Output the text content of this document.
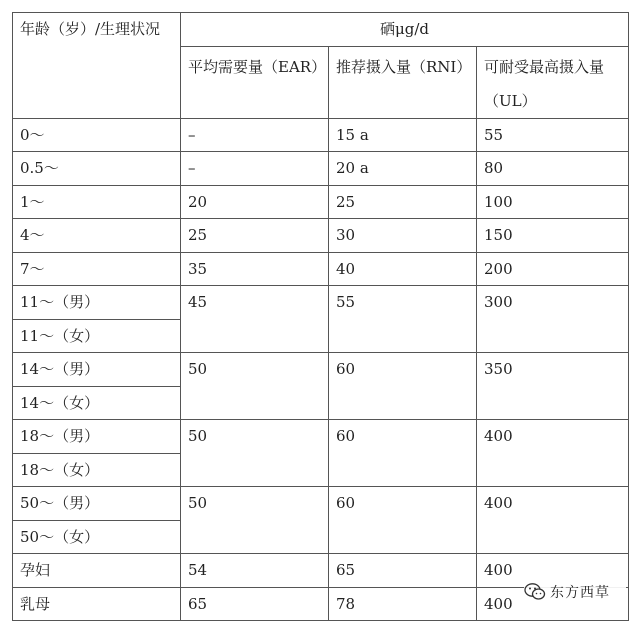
年龄（岁）/生理状况	硒μg/d		
	平均需要量（EAR）	推荐摄入量（RNI）	可耐受最高摄入量（UL）
0～	–	15 a	55
0.5～	–	20 a	80
1～	20	25	100
4～	25	30	150
7～	35	40	200
11～（男）	45	55	300
11～（女）			
14～（男）	50	60	350
14～（女）			
18～（男）	50	60	400
18～（女）			
50～（男）	50	60	400
50～（女）			
孕妇	54	65	400
乳母	65	78	400
东方西草
